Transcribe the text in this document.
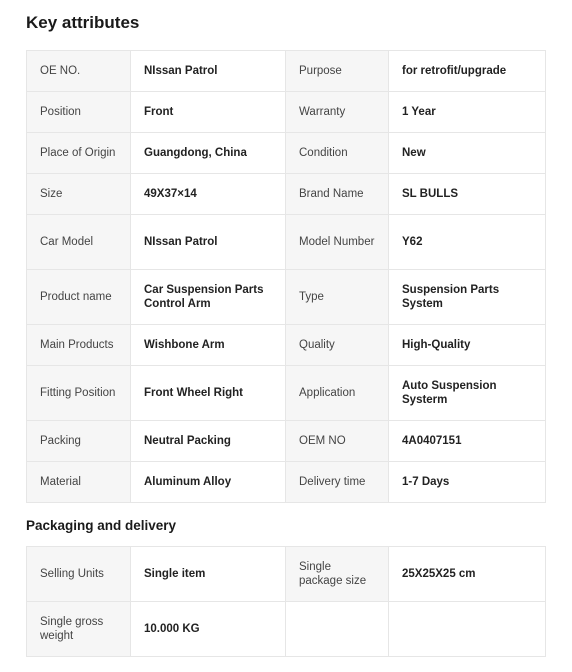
Key attributes
OE NO.	NIssan Patrol	Purpose	for retrofit/upgrade
Position	Front	Warranty	1 Year
Place of Origin	Guangdong, China	Condition	New
Size	49X37×14	Brand Name	SL BULLS
Car Model	NIssan Patrol	Model Number	Y62
Product name	Car Suspension Parts Control Arm	Type	Suspension Parts System
Main Products	Wishbone Arm	Quality	High-Quality
Fitting Position	Front Wheel Right	Application	Auto Suspension Systerm
Packing	Neutral Packing	OEM NO	4A0407151
Material	Aluminum Alloy	Delivery time	1-7 Days
Packaging and delivery
Selling Units	Single item	Single package size	25X25X25 cm
Single gross weight	10.000 KG		
